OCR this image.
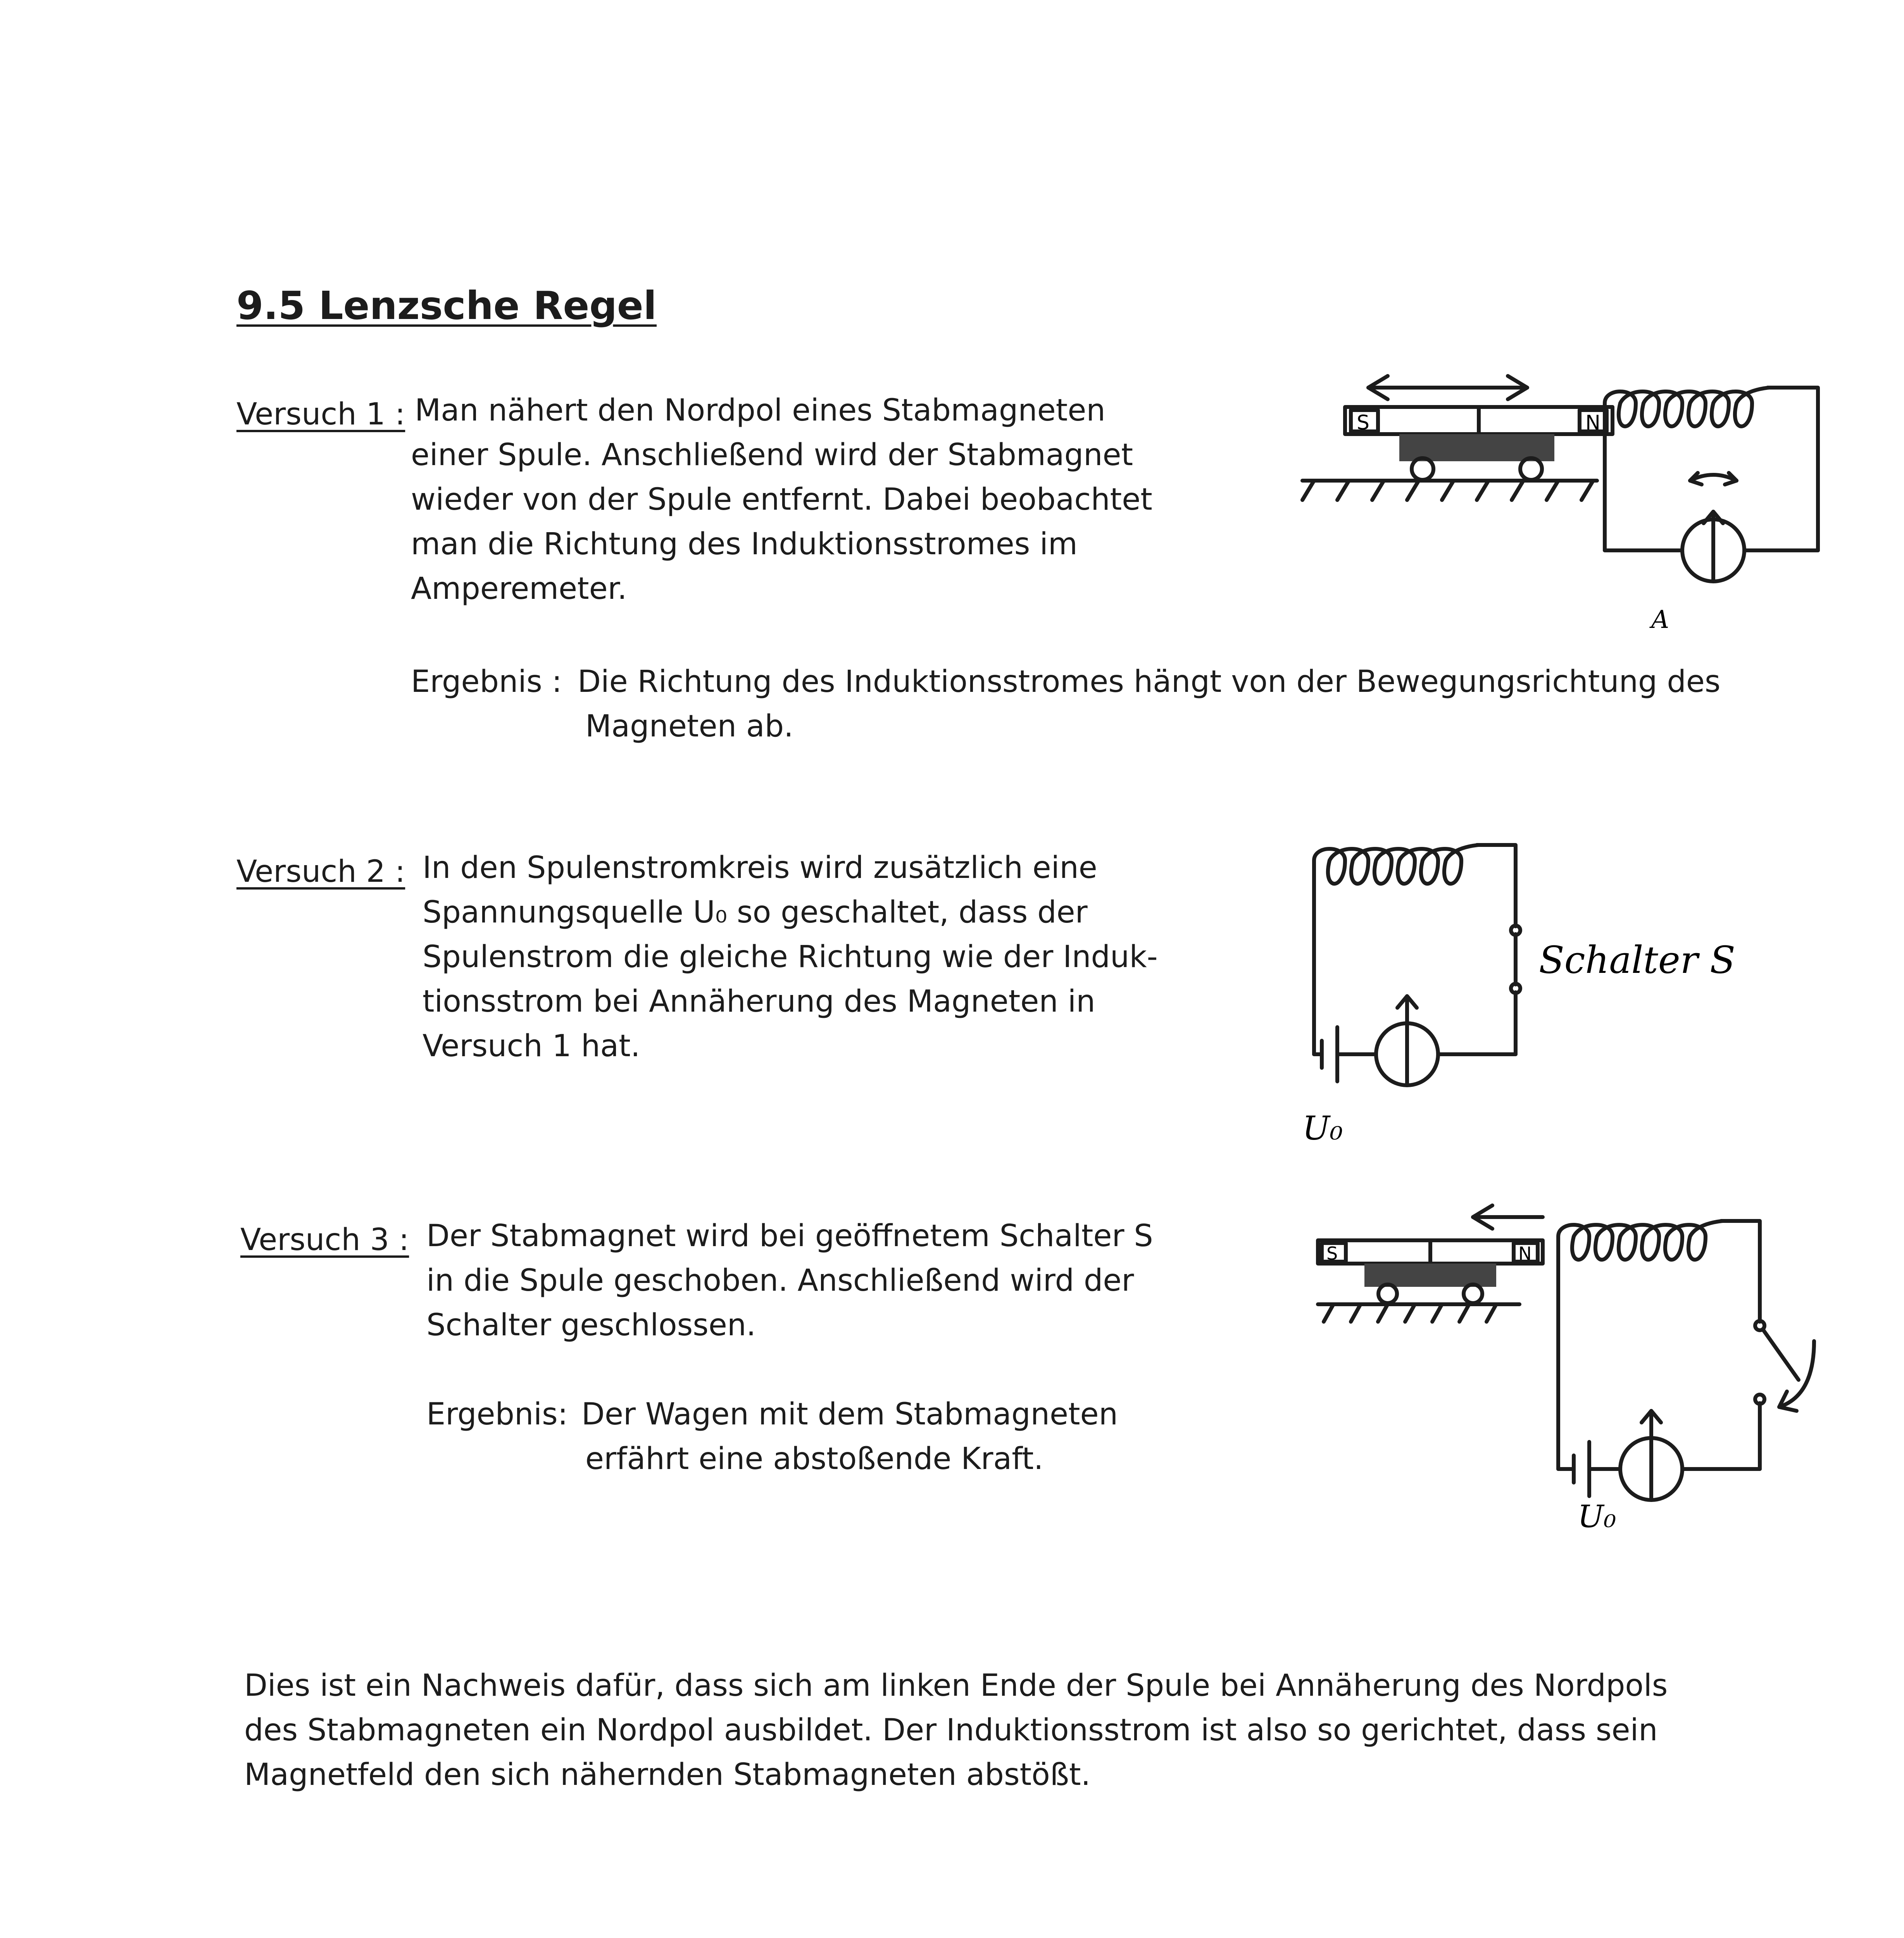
9.5 Lenzsche Regel
Versuch 1 : Man nähert den Nordpol eines Stabmagneten
einer Spule. Anschließend wird der Stabmagnet
wieder von der Spule entfernt. Dabei beobachtet
man die Richtung des Induktionsstromes im
Amperemeter.
Ergebnis : Die Richtung des Induktionsstromes hängt von der Bewegungsrichtung des
Magneten ab.
S	N
A
Versuch 2 : In den Spulenstromkreis wird zusätzlich eine
Spannungsquelle U₀ so geschaltet, dass der
Spulenstrom die gleiche Richtung wie der Induk-
tionsstrom bei Annäherung des Magneten in
Versuch 1 hat.
U₀
Schalter S
Versuch 3 : Der Stabmagnet wird bei geöffnetem Schalter S
in die Spule geschoben. Anschließend wird der
Schalter geschlossen.
Ergebnis: Der Wagen mit dem Stabmagneten
erfährt eine abstoßende Kraft.
S	N
U₀
Dies ist ein Nachweis dafür, dass sich am linken Ende der Spule bei Annäherung des Nordpols
des Stabmagneten ein Nordpol ausbildet. Der Induktionsstrom ist also so gerichtet, dass sein
Magnetfeld den sich nähernden Stabmagneten abstößt.
